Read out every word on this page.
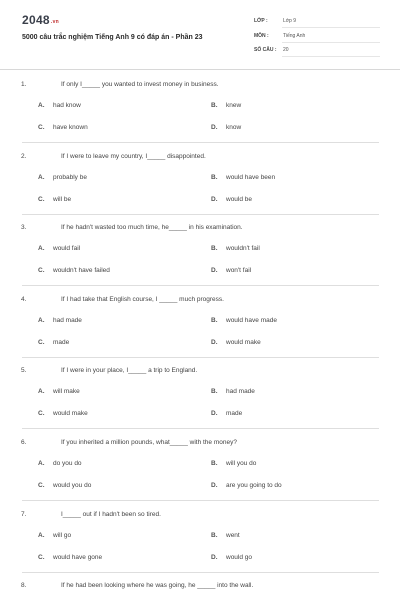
$2048^{.vn}$
5000 câu trắc nghiệm Tiếng Anh 9 có đáp án - Phần 23
LỚP :	Lớp 9
MÔN :	Tiếng Anh
SỐ CÂU : 20
1.	If only I_____ you wanted to invest money in business.
A. had know	B. knew
C. have known	D. know
2.	If I were to leave my country, I_____ disappointed.
A. probably be	B. would have been
C. will be	D. would be
3.	If he hadn't wasted too much time, he_____ in his examination.
A. would fail	B. wouldn't fail
C. wouldn't have failed	D. won't fail
4.	If I had take that English course, I _____ much progress.
A. had made	B. would have made
C. made	D. would make
5.	If I were in your place, I_____ a trip to England.
A. will make	B. had made
C. would make	D. made
6.	If you inherited a million pounds, what_____ with the money?
A. do you do	B. will you do
C. would you do	D. are you going to do
7.	I_____ out if I hadn't been so tired.
A. will go	B. went
C. would have gone	D. would go
8.	If he had been looking where he was going, he _____ into the wall.
